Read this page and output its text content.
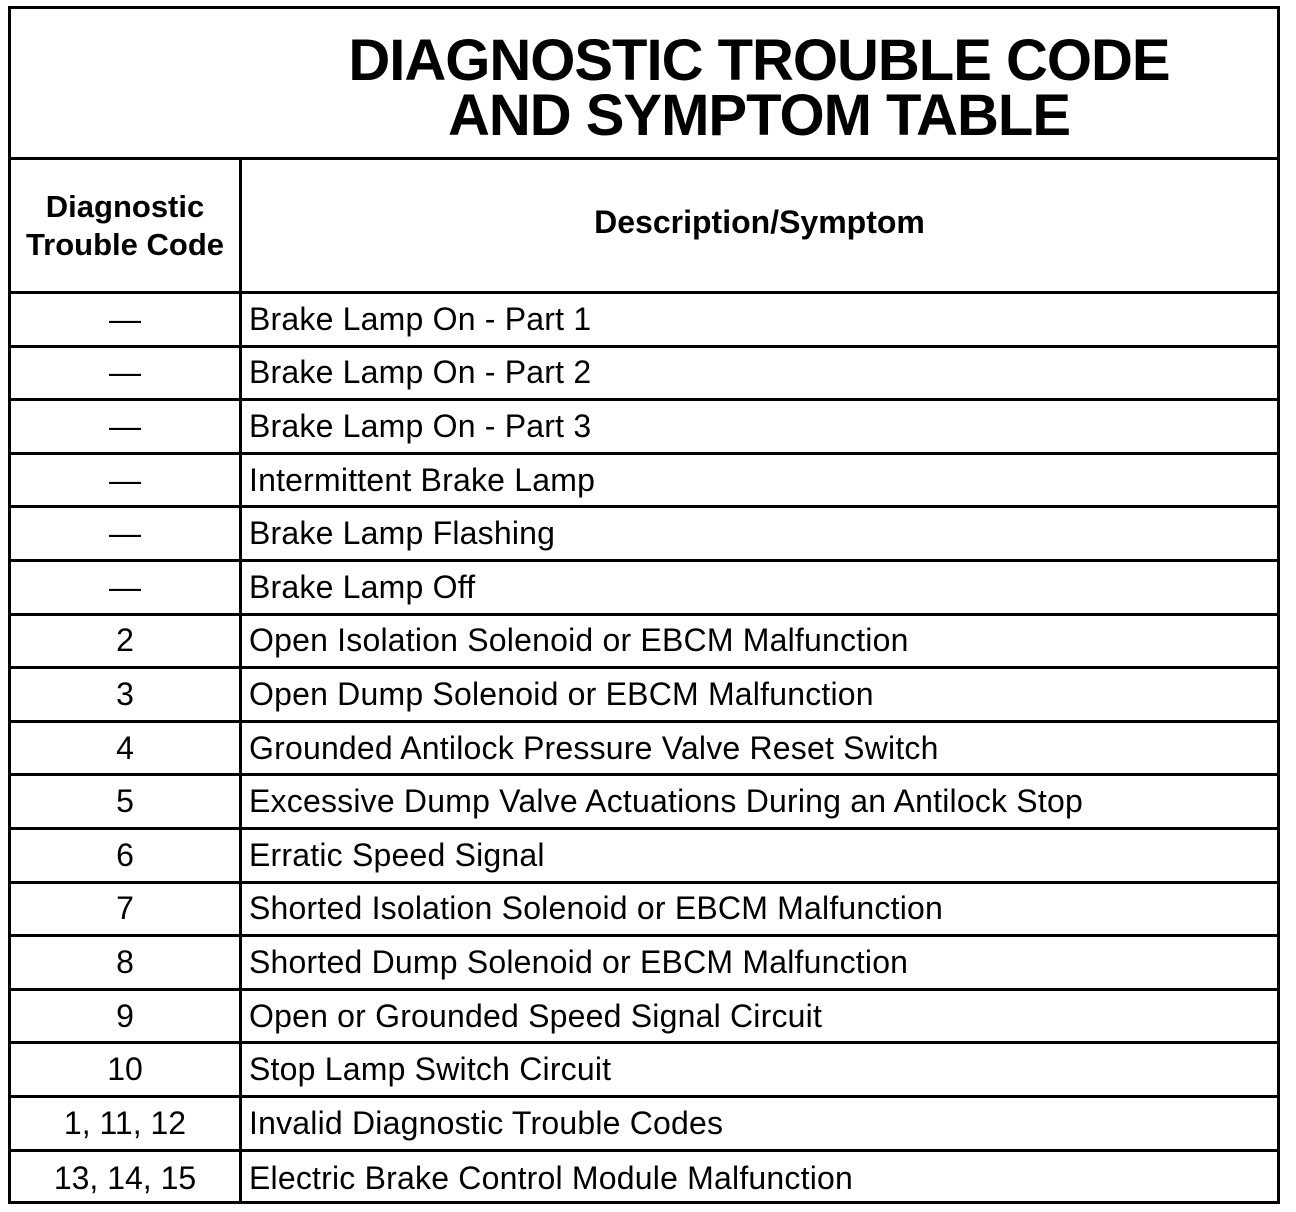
DIAGNOSTIC TROUBLE CODE
AND SYMPTOM TABLE
Diagnostic Trouble Code
Description/Symptom
—	Brake Lamp On - Part 1
—	Brake Lamp On - Part 2
—	Brake Lamp On - Part 3
—	Intermittent Brake Lamp
—	Brake Lamp Flashing
—	Brake Lamp Off
2	Open Isolation Solenoid or EBCM Malfunction
3	Open Dump Solenoid or EBCM Malfunction
4	Grounded Antilock Pressure Valve Reset Switch
5	Excessive Dump Valve Actuations During an Antilock Stop
6	Erratic Speed Signal
7	Shorted Isolation Solenoid or EBCM Malfunction
8	Shorted Dump Solenoid or EBCM Malfunction
9	Open or Grounded Speed Signal Circuit
10	Stop Lamp Switch Circuit
1, 11, 12	Invalid Diagnostic Trouble Codes
13, 14, 15	Electric Brake Control Module Malfunction
